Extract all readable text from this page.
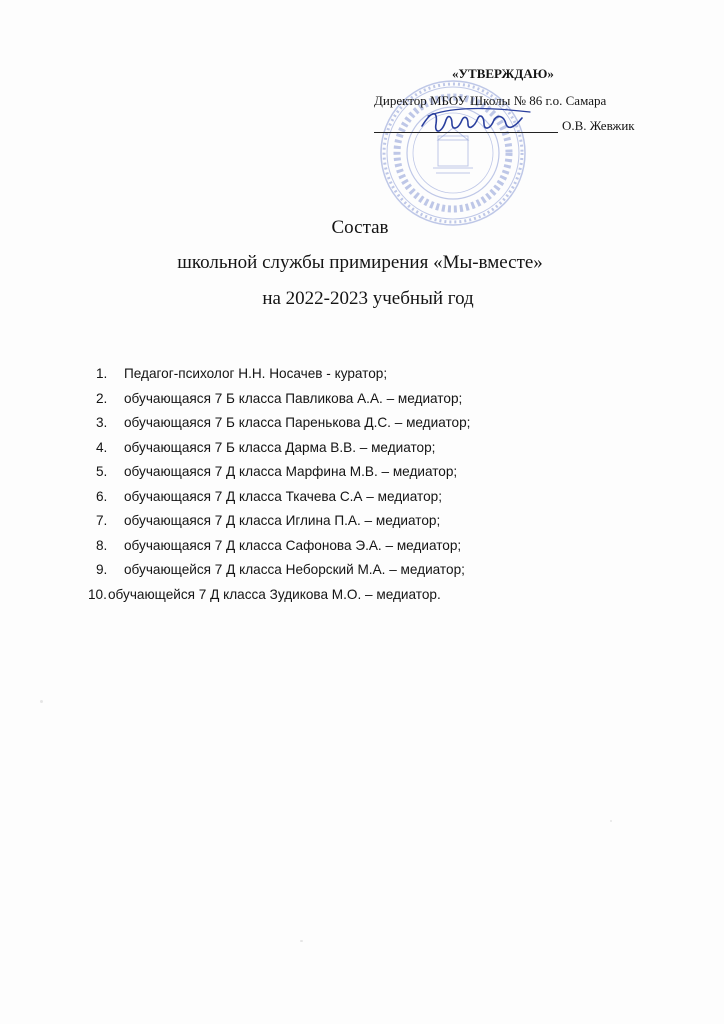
«УТВЕРЖДАЮ»
Директор МБОУ Школы № 86 г.о. Самара
О.В. Жевжик
Состав
школьной службы примирения «Мы-вместе»
на 2022-2023 учебный год
1.	Педагог-психолог Н.Н. Носачев - куратор;
2.	обучающаяся 7 Б класса Павликова А.А. – медиатор;
3.	обучающаяся 7 Б класса Паренькова Д.С. – медиатор;
4.	обучающаяся 7 Б класса Дарма В.В. – медиатор;
5.	обучающаяся 7 Д класса Марфина М.В. – медиатор;
6.	обучающаяся 7 Д класса Ткачева С.А – медиатор;
7.	обучающаяся 7 Д класса Иглина П.А. – медиатор;
8.	обучающаяся 7 Д класса Сафонова Э.А. – медиатор;
9.	обучающейся 7 Д класса Неборский М.А. – медиатор;
10. обучающейся 7 Д класса Зудикова М.О. – медиатор.
